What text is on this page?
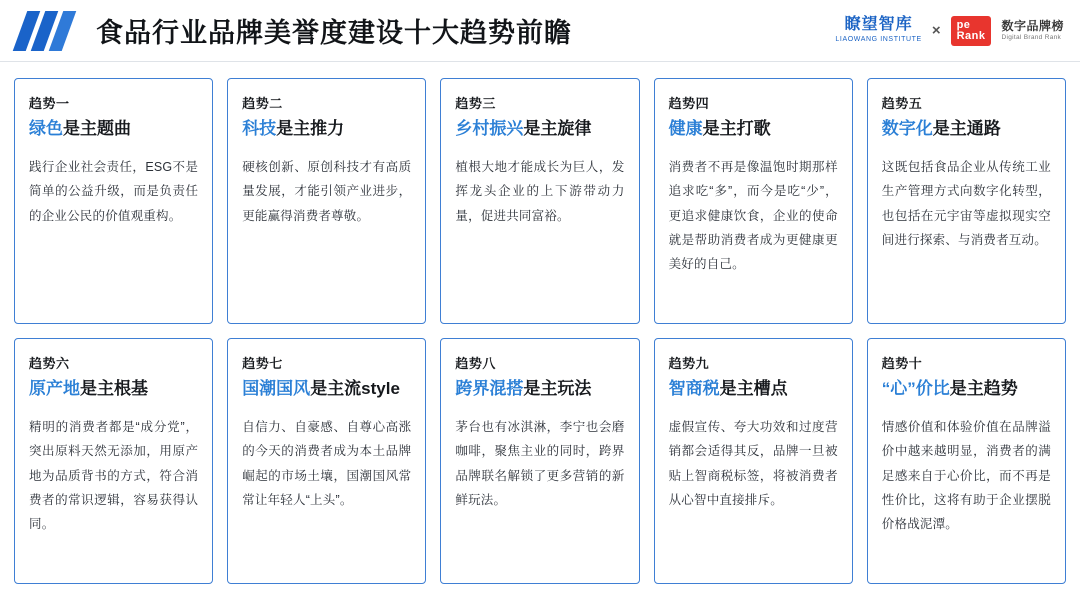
食品行业品牌美誉度建设十大趋势前瞻	瞭望智库
LIAOWANG INSTITUTE
×	pe
Rank
数字品牌榜
Digital Brand Rank
趋势一
绿色是主题曲
践行企业社会责任，ESG不是简单的公益升级，而是负责任的企业公民的价值观重构。
趋势二
科技是主推力
硬核创新、原创科技才有高质量发展，才能引领产业进步，更能赢得消费者尊敬。
趋势三
乡村振兴是主旋律
植根大地才能成长为巨人，发挥龙头企业的上下游带动力量，促进共同富裕。
趋势四
健康是主打歌
消费者不再是像温饱时期那样追求吃“多”，而今是吃“少”，更追求健康饮食，企业的使命就是帮助消费者成为更健康更美好的自己。
趋势五
数字化是主通路
这既包括食品企业从传统工业生产管理方式向数字化转型，也包括在元宇宙等虚拟现实空间进行探索、与消费者互动。
趋势六
原产地是主根基
精明的消费者都是“成分党”，突出原料天然无添加，用原产地为品质背书的方式，符合消费者的常识逻辑，容易获得认同。
趋势七
国潮国风是主流style
自信力、自豪感、自尊心高涨的今天的消费者成为本土品牌崛起的市场土壤，国潮国风常常让年轻人“上头”。
趋势八
跨界混搭是主玩法
茅台也有冰淇淋，李宁也会磨咖啡，聚焦主业的同时，跨界品牌联名解锁了更多营销的新鲜玩法。
趋势九
智商税是主槽点
虚假宣传、夸大功效和过度营销都会适得其反，品牌一旦被贴上智商税标签，将被消费者从心智中直接排斥。
趋势十
“心”价比是主趋势
情感价值和体验价值在品牌溢价中越来越明显，消费者的满足感来自于心价比，而不再是性价比，这将有助于企业摆脱价格战泥潭。
